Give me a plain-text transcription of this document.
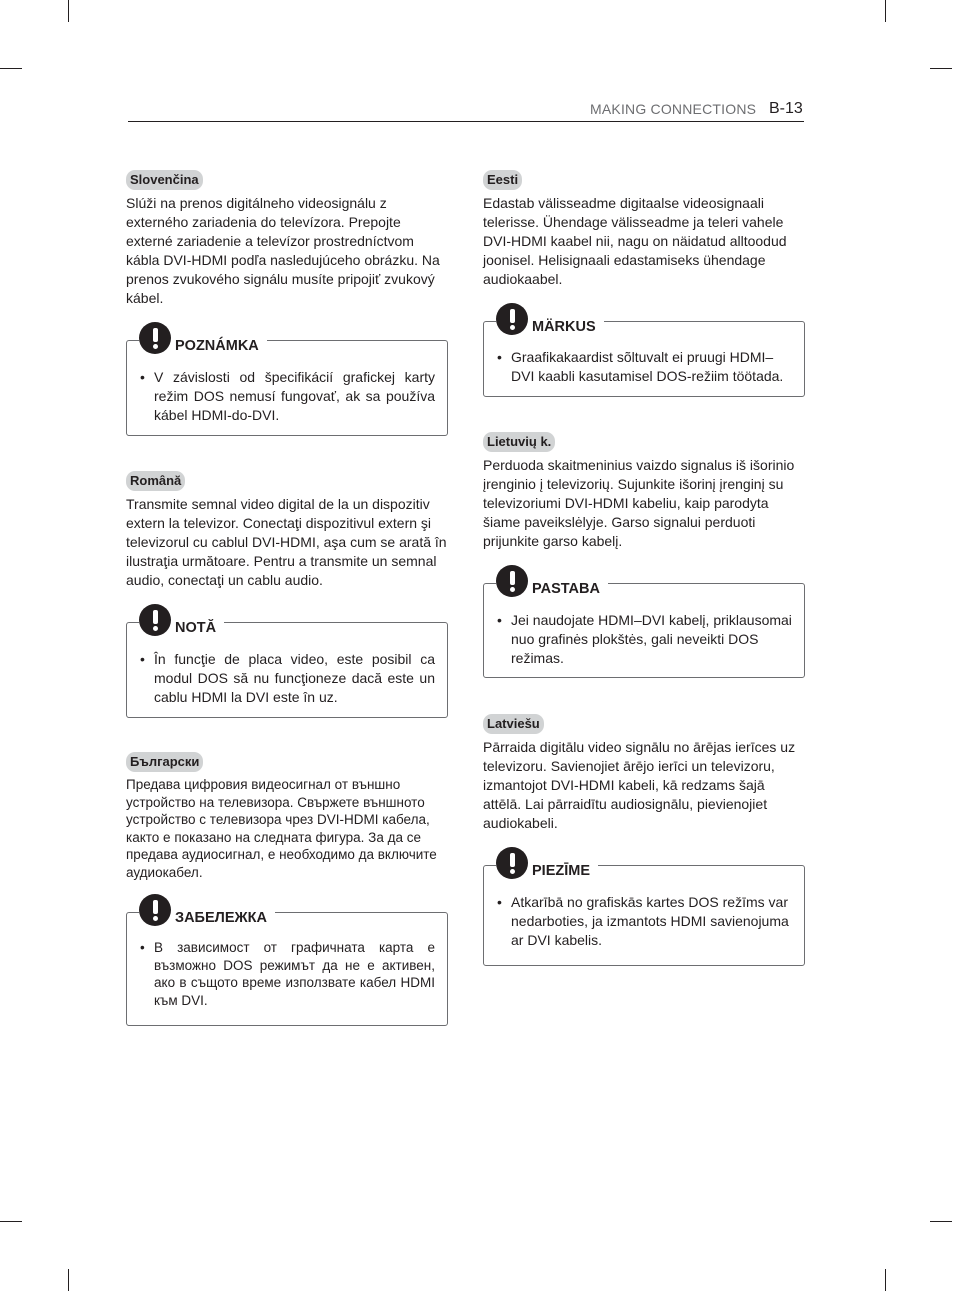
MAKING CONNECTIONS B-13
Slovenčina
Slúži na prenos digitálneho videosignálu z externého zariadenia do televízora. Prepojte externé zariadenie a televízor prostredníctvom kábla DVI-HDMI podľa nasledujúceho obrázku. Na prenos zvukového signálu musíte pripojiť zvukový kábel.
• V závislosti od špecifikácií grafickej karty režim DOS nemusí fungovať, ak sa používa kábel HDMI-do-DVI.
POZNÁMKA
Română
Transmite semnal video digital de la un dispozitiv extern la televizor. Conectaţi dispozitivul extern şi televizorul cu cablul DVI-HDMI, aşa cum se arată în ilustraţia următoare. Pentru a transmite un semnal audio, conectaţi un cablu audio.
• În funcţie de placa video, este posibil ca modul DOS să nu funcţioneze dacă este un cablu HDMI la DVI este în uz.
NOTĂ
Български
Предава цифровия видеосигнал от външно устройство на телевизора. Свържете външното устройство с телевизора чрез DVI-HDMI кабела, както е показано на следната фигура. За да се предава аудиосигнал, е необходимо да включите аудиокабел.
• В зависимост от графичната карта е възможно DOS режимът да не е активен, ако в същото време използвате кабел HDMI към DVI.
ЗАБЕЛЕЖКА
Eesti
Edastab välisseadme digitaalse videosignaali telerisse. Ühendage välisseadme ja teleri vahele DVI-HDMI kaabel nii, nagu on näidatud alltoodud joonisel. Helisignaali edastamiseks ühendage audiokaabel.
• Graafikakaardist sõltuvalt ei pruugi HDMI–DVI kaabli kasutamisel DOS-režiim töötada.
MÄRKUS
Lietuvių k.
Perduoda skaitmeninius vaizdo signalus iš išorinio įrenginio į televizorių. Sujunkite išorinį įrenginį su televizoriumi DVI-HDMI kabeliu, kaip parodyta šiame paveikslėlyje. Garso signalui perduoti prijunkite garso kabelį.
• Jei naudojate HDMI–DVI kabelį, priklausomai nuo grafinės plokštės, gali neveikti DOS režimas.
PASTABA
Latviešu
Pārraida digitālu video signālu no ārējas ierīces uz televizoru. Savienojiet ārējo ierīci un televizoru, izmantojot DVI-HDMI kabeli, kā redzams šajā attēlā. Lai pārraidītu audiosignālu, pievienojiet audiokabeli.
• Atkarībā no grafiskās kartes DOS režīms var nedarboties, ja izmantots HDMI savienojuma ar DVI kabelis.
PIEZĪME
